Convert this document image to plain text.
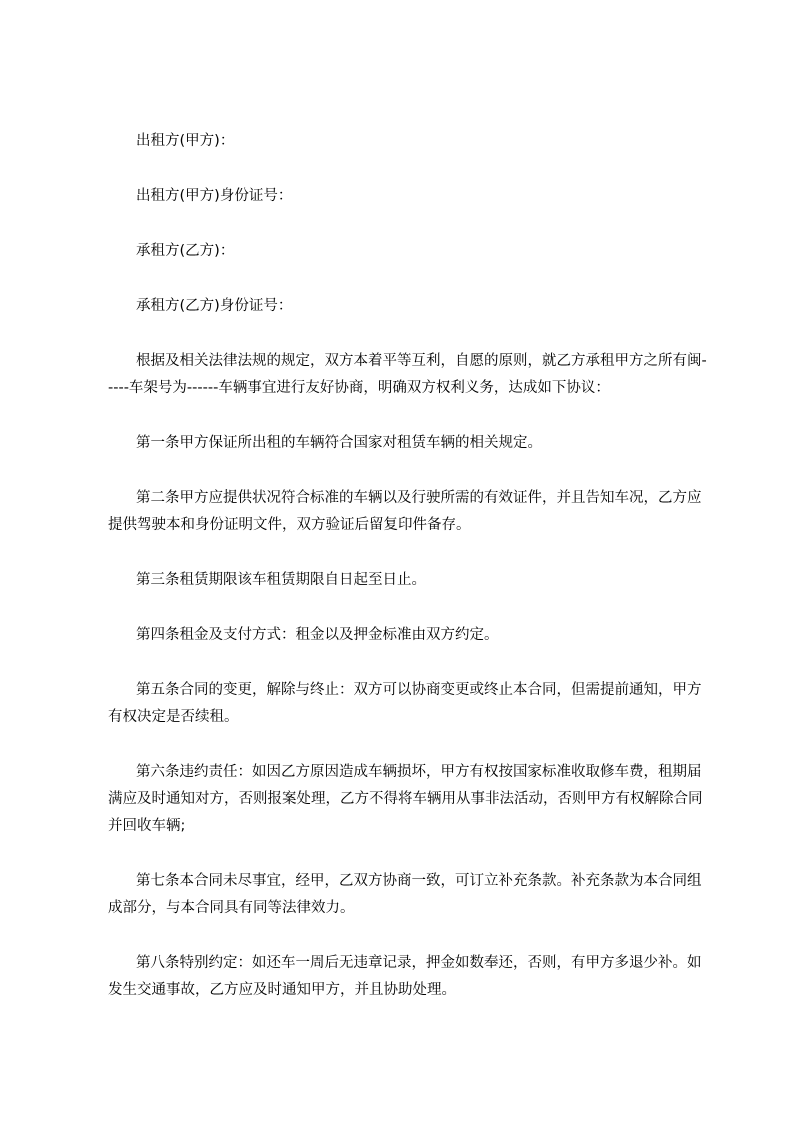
出租方(甲方)：

出租方(甲方)身份证号：

承租方(乙方)：

承租方(乙方)身份证号：

根据及相关法律法规的规定，双方本着平等互利，自愿的原则，就乙方承租甲方之所有闽-----车架号为------车辆事宜进行友好协商，明确双方权利义务，达成如下协议：

第一条甲方保证所出租的车辆符合国家对租赁车辆的相关规定。

第二条甲方应提供状况符合标准的车辆以及行驶所需的有效证件，并且告知车况，乙方应提供驾驶本和身份证明文件，双方验证后留复印件备存。

第三条租赁期限该车租赁期限自日起至日止。

第四条租金及支付方式：租金以及押金标准由双方约定。

第五条合同的变更，解除与终止：双方可以协商变更或终止本合同，但需提前通知，甲方有权决定是否续租。

第六条违约责任：如因乙方原因造成车辆损坏，甲方有权按国家标准收取修车费，租期届满应及时通知对方，否则报案处理，乙方不得将车辆用从事非法活动，否则甲方有权解除合同并回收车辆;

第七条本合同未尽事宜，经甲，乙双方协商一致，可订立补充条款。补充条款为本合同组成部分，与本合同具有同等法律效力。

第八条特别约定：如还车一周后无违章记录，押金如数奉还，否则，有甲方多退少补。如发生交通事故，乙方应及时通知甲方，并且协助处理。
